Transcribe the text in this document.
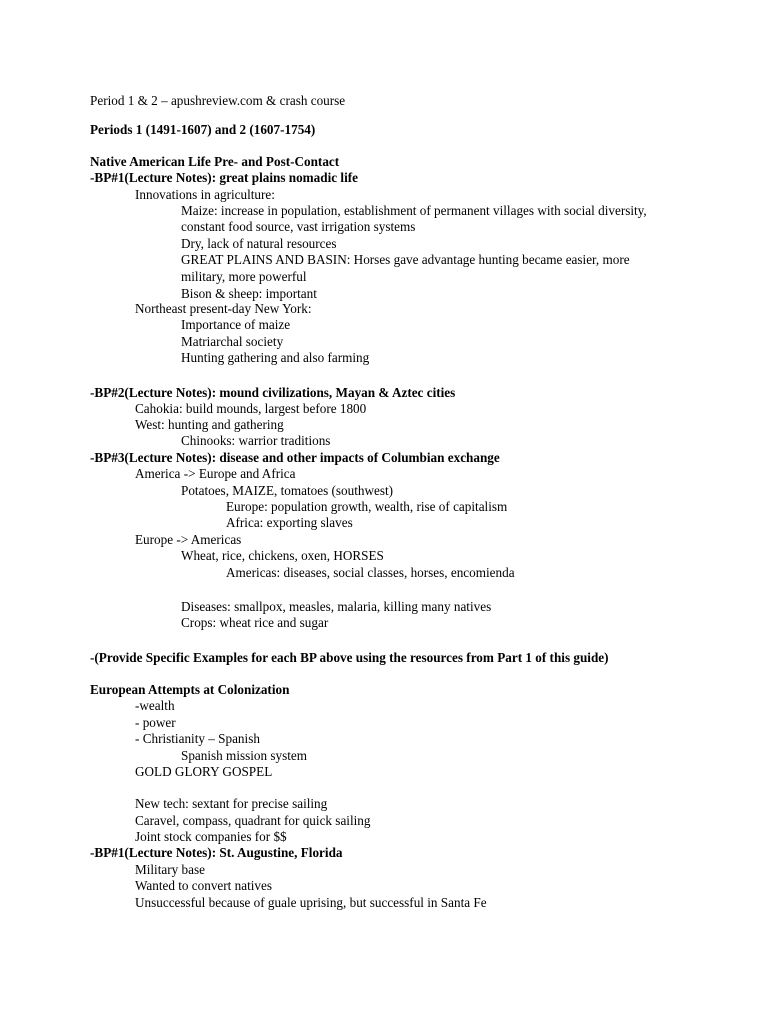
Period 1 & 2 – apushreview.com & crash course
Periods 1 (1491-1607) and 2 (1607-1754)
Native American Life Pre- and Post-Contact
-BP#1(Lecture Notes): great plains nomadic life
Innovations in agriculture:
Maize: increase in population, establishment of permanent villages with social diversity,
constant food source, vast irrigation systems
Dry, lack of natural resources
GREAT PLAINS AND BASIN: Horses gave advantage hunting became easier, more
military, more powerful
Bison & sheep: important
Northeast present-day New York:
Importance of maize
Matriarchal society
Hunting gathering and also farming
-BP#2(Lecture Notes): mound civilizations, Mayan & Aztec cities
Cahokia: build mounds, largest before 1800
West: hunting and gathering
Chinooks: warrior traditions
-BP#3(Lecture Notes): disease and other impacts of Columbian exchange
America -> Europe and Africa
Potatoes, MAIZE, tomatoes (southwest)
Europe: population growth, wealth, rise of capitalism
Africa: exporting slaves
Europe -> Americas
Wheat, rice, chickens, oxen, HORSES
Americas: diseases, social classes, horses, encomienda
Diseases: smallpox, measles, malaria, killing many natives
Crops: wheat rice and sugar
-(Provide Specific Examples for each BP above using the resources from Part 1 of this guide)
European Attempts at Colonization
-wealth
- power
- Christianity – Spanish
Spanish mission system
GOLD GLORY GOSPEL
New tech: sextant for precise sailing
Caravel, compass, quadrant for quick sailing
Joint stock companies for $$
-BP#1(Lecture Notes): St. Augustine, Florida
Military base
Wanted to convert natives
Unsuccessful because of guale uprising, but successful in Santa Fe
